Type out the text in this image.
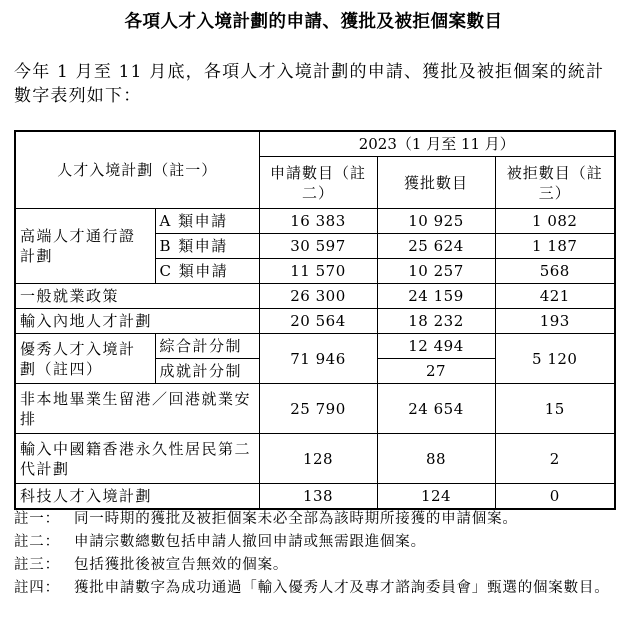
各項人才入境計劃的申請、獲批及被拒個案數目
今年 1 月至 11 月底，各項人才入境計劃的申請、獲批及被拒個案的統計數字表列如下：
人才入境計劃（註一）		2023（1 月至 11 月）		
		申請數目（註二）	獲批數目	被拒數目（註三）
高端人才通行證計劃	A 類申請	16 383	10 925	1 082
	B 類申請	30 597	25 624	1 187
	C 類申請	11 570	10 257	568
一般就業政策		26 300	24 159	421
輸入內地人才計劃		20 564	18 232	193
優秀人才入境計劃（註四）	綜合計分制	71 946	12 494	5 120
	成就計分制		27	
非本地畢業生留港／回港就業安排		25 790	24 654	15
輸入中國籍香港永久性居民第二代計劃		128	88	2
科技人才入境計劃		138	124	0
註一： 同一時期的獲批及被拒個案未必全部為該時期所接獲的申請個案。
註二： 申請宗數總數包括申請人撤回申請或無需跟進個案。
註三： 包括獲批後被宣告無效的個案。
註四： 獲批申請數字為成功通過「輸入優秀人才及專才諮詢委員會」甄選的個案數目。
